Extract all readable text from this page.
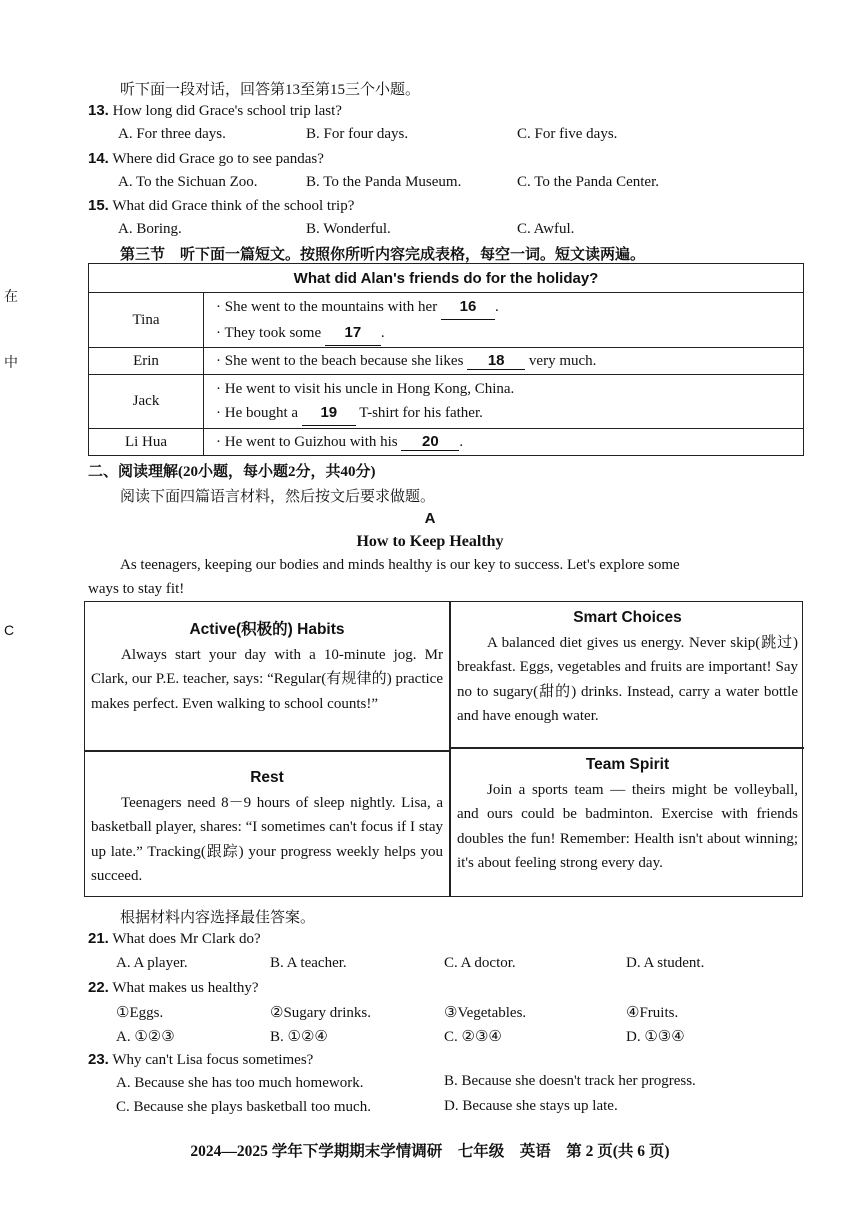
在
中
C
听下面一段对话，回答第13至第15三个小题。
13. How long did Grace's school trip last?
A. For three days.	B. For four days.	C. For five days.
14. Where did Grace go to see pandas?
A. To the Sichuan Zoo.	B. To the Panda Museum.	C. To the Panda Center.
15. What did Grace think of the school trip?
A. Boring.	B. Wonderful.	C. Awful.
第三节　听下面一篇短文。按照你所听内容完成表格，每空一词。短文读两遍。
What did Alan's friends do for the holiday?	
Tina	· She went to the mountains with her 16 .
· They took some 17 .

Erin	· She went to the beach because she likes 18 very much.
Jack	· He went to visit his uncle in Hong Kong, China.
· He bought a 19 T-shirt for his father.

Li Hua	· He went to Guizhou with his 20 .
二、阅读理解(20小题，每小题2分，共40分)
阅读下面四篇语言材料，然后按文后要求做题。
A
How to Keep Healthy
As teenagers, keeping our bodies and minds healthy is our key to success. Let's explore some
ways to stay fit!
Active(积极的) Habits

Always start your day with a 10-minute jog. Mr Clark, our P.E. teacher, says: “Regular(有规律的) practice makes perfect. Even walking to school counts!”

Smart Choices

A balanced diet gives us energy. Never skip(跳过) breakfast. Eggs, vegetables and fruits are important! Say no to sugary(甜的) drinks. Instead, carry a water bottle and have enough water.

Rest

Teenagers need 8－9 hours of sleep nightly. Lisa, a basketball player, shares: “I sometimes can't focus if I stay up late.” Tracking(跟踪) your progress weekly helps you succeed.

Team Spirit

Join a sports team — theirs might be volleyball, and ours could be badminton. Exercise with friends doubles the fun! Remember: Health isn't about winning; it's about feeling strong every day.

根据材料内容选择最佳答案。
21. What does Mr Clark do?
A. A player.	B. A teacher.	C. A doctor.	D. A student.
22. What makes us healthy?
①Eggs.	②Sugary drinks.	③Vegetables.	④Fruits.
A. ①②③	B. ①②④	C. ②③④	D. ①③④
23. Why can't Lisa focus sometimes?
A. Because she has too much homework.	B. Because she doesn't track her progress.
C. Because she plays basketball too much.	D. Because she stays up late.
2024—2025 学年下学期期末学情调研　七年级　英语　第 2 页(共 6 页)
